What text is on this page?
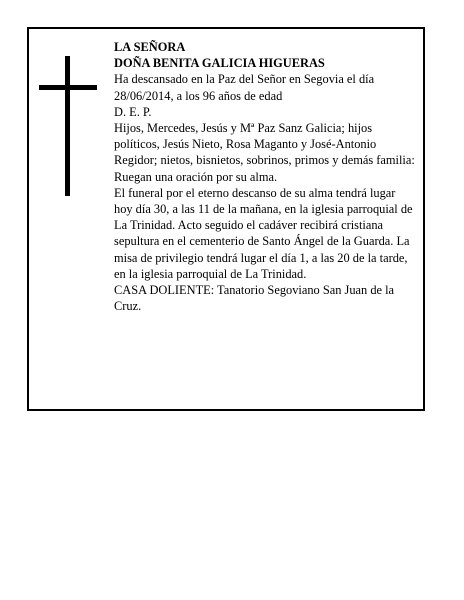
LA SEÑORA

DOÑA BENITA GALICIA HIGUERAS

Ha descansado en la Paz del Señor en Segovia el día 28/06/2014, a los 96 años de edad

D. E. P.

Hijos, Mercedes, Jesús y Mª Paz Sanz Galicia; hijos políticos, Jesús Nieto, Rosa Maganto y José-Antonio Regidor; nietos, bisnietos, sobrinos, primos y demás familia:

Ruegan una oración por su alma.

El funeral por el eterno descanso de su alma tendrá lugar hoy día 30, a las 11 de la mañana, en la iglesia parroquial de La Trinidad. Acto seguido el cadáver recibirá cristiana sepultura en el cementerio de Santo Ángel de la Guarda. La misa de privilegio tendrá lugar el día 1, a las 20 de la tarde, en la iglesia parroquial de La Trinidad.

CASA DOLIENTE: Tanatorio Segoviano San Juan de la Cruz.
